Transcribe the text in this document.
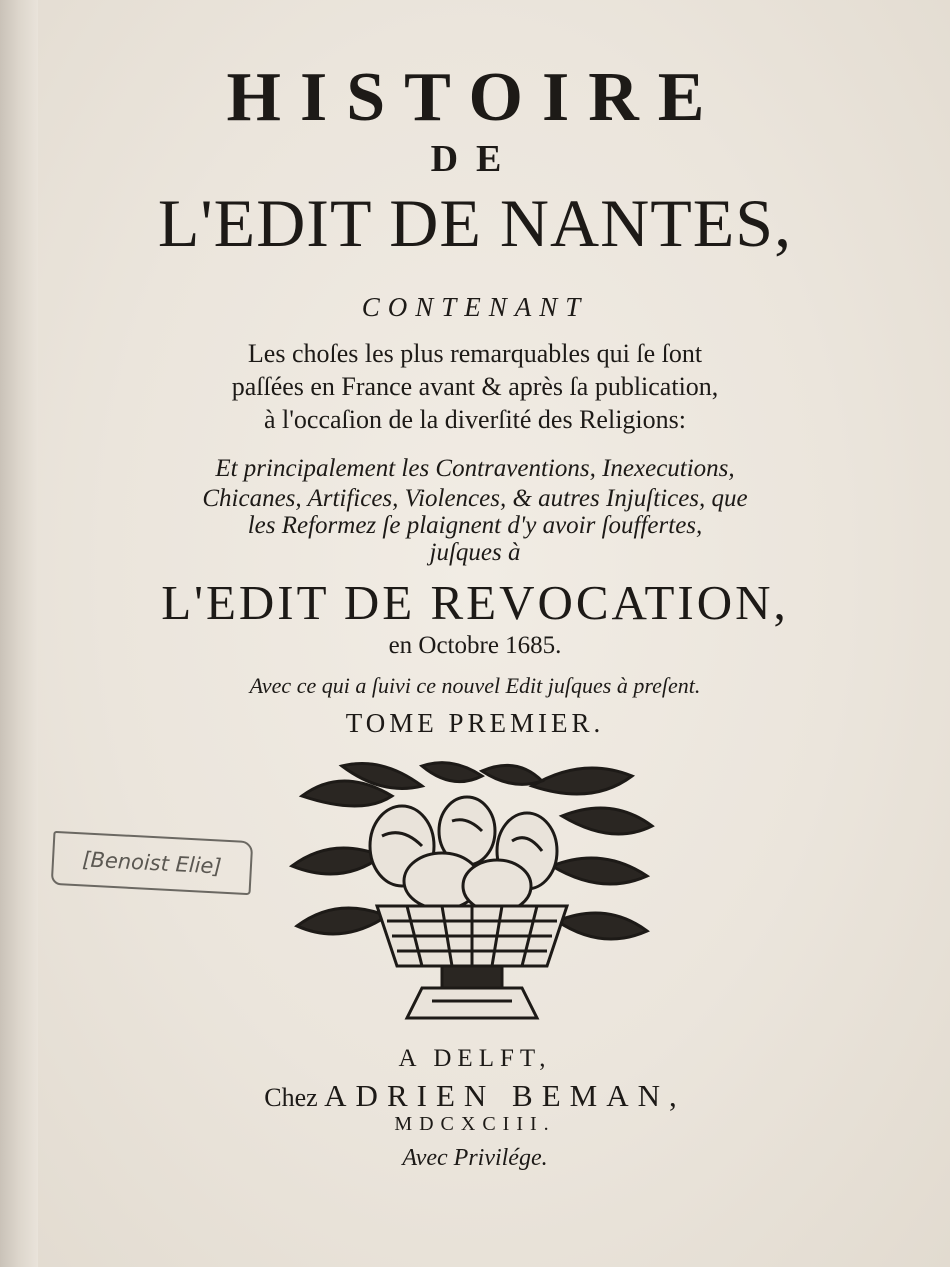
HISTOIRE
DE
L'EDIT DE NANTES,
CONTENANT
Les choſes les plus remarquables qui ſe ſont
paſſées en France avant & après ſa publication,
à l'occaſion de la diverſité des Religions:
Et principalement les Contraventions, Inexecutions,
Chicanes, Artifices, Violences, & autres Injuſtices, que
les Reformez ſe plaignent d'y avoir ſouffertes,
juſques à
L'EDIT DE REVOCATION,
en Octobre 1685.
Avec ce qui a ſuivi ce nouvel Edit juſques à preſent.
TOME PREMIER.
[Benoist Elie]
A DELFT,
Chez ADRIEN BEMAN,
MDCXCIII.
Avec Privilége.
